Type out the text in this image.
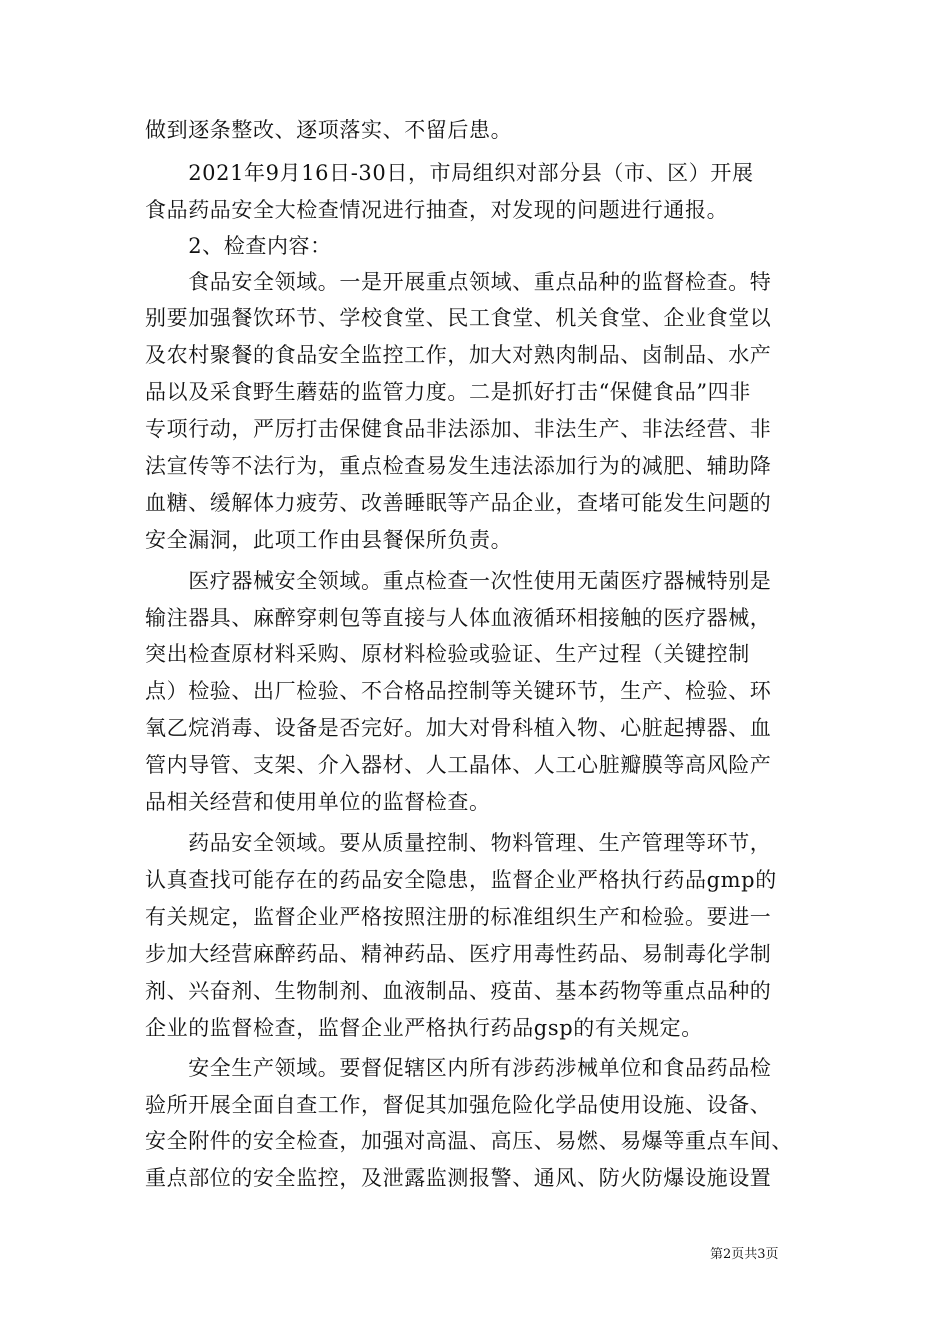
做到逐条整改、逐项落实、不留后患。
　　2021年9月16日-30日，市局组织对部分县（市、区）开展
食品药品安全大检查情况进行抽查，对发现的问题进行通报。
　　2、检查内容：
　　食品安全领域。一是开展重点领域、重点品种的监督检查。特
别要加强餐饮环节、学校食堂、民工食堂、机关食堂、企业食堂以
及农村聚餐的食品安全监控工作，加大对熟肉制品、卤制品、水产
品以及采食野生蘑菇的监管力度。二是抓好打击“保健食品”四非
专项行动，严厉打击保健食品非法添加、非法生产、非法经营、非
法宣传等不法行为，重点检查易发生违法添加行为的减肥、辅助降
血糖、缓解体力疲劳、改善睡眠等产品企业，查堵可能发生问题的
安全漏洞，此项工作由县餐保所负责。
　　医疗器械安全领域。重点检查一次性使用无菌医疗器械特别是
输注器具、麻醉穿刺包等直接与人体血液循环相接触的医疗器械，
突出检查原材料采购、原材料检验或验证、生产过程（关键控制
点）检验、出厂检验、不合格品控制等关键环节，生产、检验、环
氧乙烷消毒、设备是否完好。加大对骨科植入物、心脏起搏器、血
管内导管、支架、介入器材、人工晶体、人工心脏瓣膜等高风险产
品相关经营和使用单位的监督检查。
　　药品安全领域。要从质量控制、物料管理、生产管理等环节，
认真查找可能存在的药品安全隐患，监督企业严格执行药品gmp的
有关规定，监督企业严格按照注册的标准组织生产和检验。要进一
步加大经营麻醉药品、精神药品、医疗用毒性药品、易制毒化学制
剂、兴奋剂、生物制剂、血液制品、疫苗、基本药物等重点品种的
企业的监督检查，监督企业严格执行药品gsp的有关规定。
　　安全生产领域。要督促辖区内所有涉药涉械单位和食品药品检
验所开展全面自查工作，督促其加强危险化学品使用设施、设备、
安全附件的安全检查，加强对高温、高压、易燃、易爆等重点车间、
重点部位的安全监控，及泄露监测报警、通风、防火防爆设施设置
第2页共3页
